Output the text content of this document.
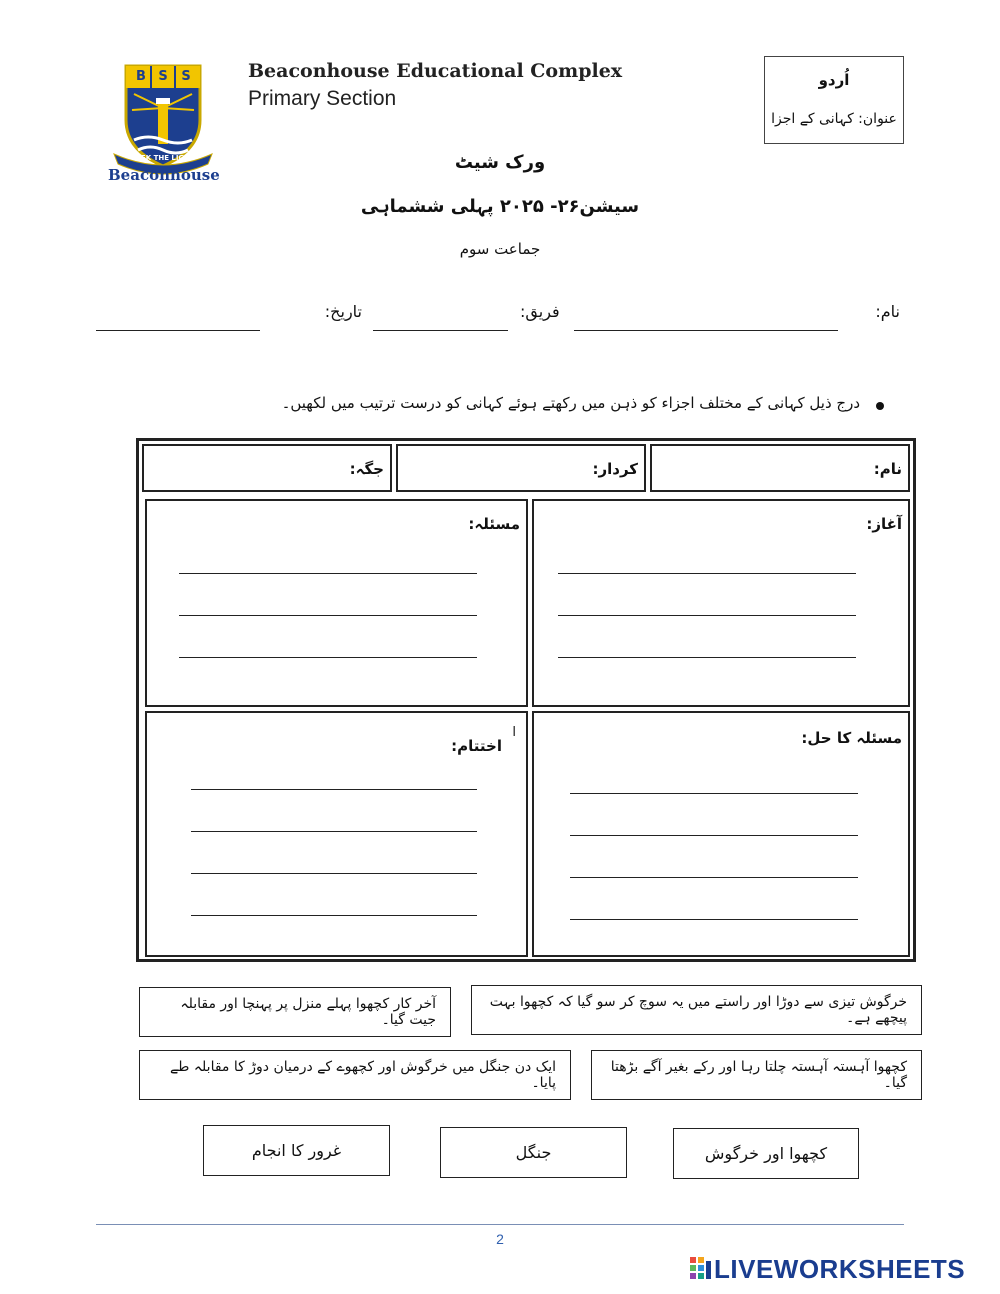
B S	S
SEEK THE LIGHT
Beaconhouse
Beaconhouse Educational Complex
Primary Section
اُردو
عنوان: کہانی کے اجزا
ورک شیٹ
سیشن۲۶- ۲۰۲۵ پہلی ششماہی
جماعت سوم
نام:
:فریق
تاریخ:
درج ذیل کہانی کے مختلف اجزاء کو ذہن میں رکھتے ہوئے کہانی کو درست ترتیب میں لکھیں۔
نام:
کردار:
جگہ:
آغاز:
مسئلہ:
مسئلہ کا حل:
ا
اختتام:
خرگوش تیزی سے دوڑا اور راستے میں یہ سوچ کر سو گیا کہ کچھوا بہت پیچھے ہے۔
آخر کار کچھوا پہلے منزل پر پہنچا اور مقابلہ جیت گیا۔
کچھوا آہستہ آہستہ چلتا رہا اور رکے بغیر آگے بڑھتا گیا۔
ایک دن جنگل میں خرگوش اور کچھوے کے درمیان دوڑ کا مقابلہ طے پایا۔
کچھوا اور خرگوش
جنگل
غرور کا انجام
2
LIVEWORKSHEETS
